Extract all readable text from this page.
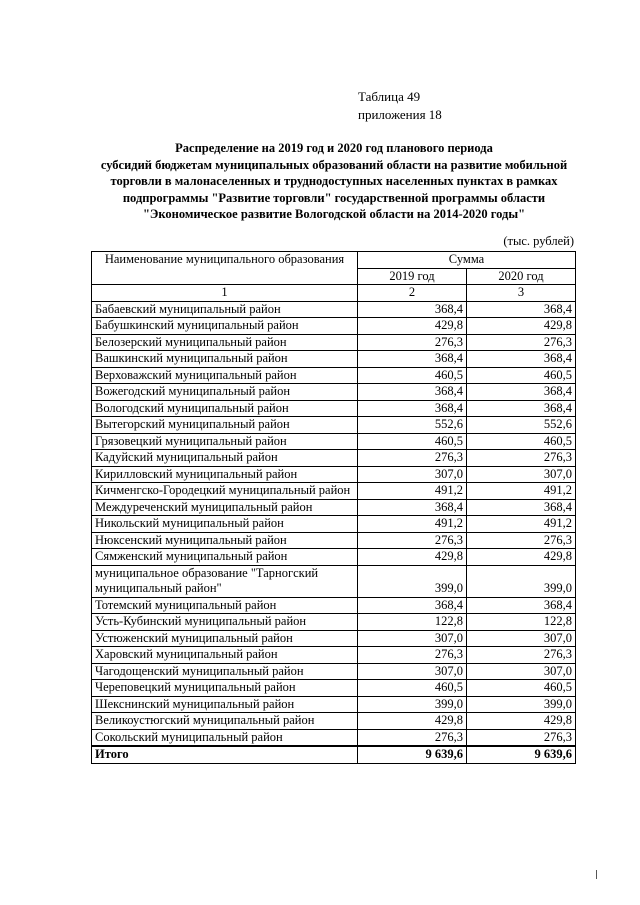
Таблица 49
приложения 18
Распределение на 2019 год и 2020 год планового периода
субсидий бюджетам муниципальных образований области на развитие мобильной
торговли в малонаселенных и труднодоступных населенных пунктах в рамках
подпрограммы "Развитие торговли" государственной программы области
"Экономическое развитие Вологодской области на 2014-2020 годы"
(тыс. рублей)
Наименование муниципального образования	Сумма	
	2019 год	2020 год
1	2	3
Бабаевский муниципальный район	368,4	368,4
Бабушкинский муниципальный район	429,8	429,8
Белозерский муниципальный район	276,3	276,3
Вашкинский муниципальный район	368,4	368,4
Верховажский муниципальный район	460,5	460,5
Вожегодский муниципальный район	368,4	368,4
Вологодский муниципальный район	368,4	368,4
Вытегорский муниципальный район	552,6	552,6
Грязовецкий муниципальный район	460,5	460,5
Кадуйский муниципальный район	276,3	276,3
Кирилловский муниципальный район	307,0	307,0
Кичменгско-Городецкий муниципальный район	491,2	491,2
Междуреченский муниципальный район	368,4	368,4
Никольский муниципальный район	491,2	491,2
Нюксенский муниципальный район	276,3	276,3
Сямженский муниципальный район	429,8	429,8
муниципальное образование "Тарногский муниципальный район"	399,0	399,0
Тотемский муниципальный район	368,4	368,4
Усть-Кубинский муниципальный район	122,8	122,8
Устюженский муниципальный район	307,0	307,0
Харовский муниципальный район	276,3	276,3
Чагодощенский муниципальный район	307,0	307,0
Череповецкий муниципальный район	460,5	460,5
Шекснинский муниципальный район	399,0	399,0
Великоустюгский муниципальный район	429,8	429,8
Сокольский муниципальный район	276,3	276,3
Итого	9 639,6	9 639,6
